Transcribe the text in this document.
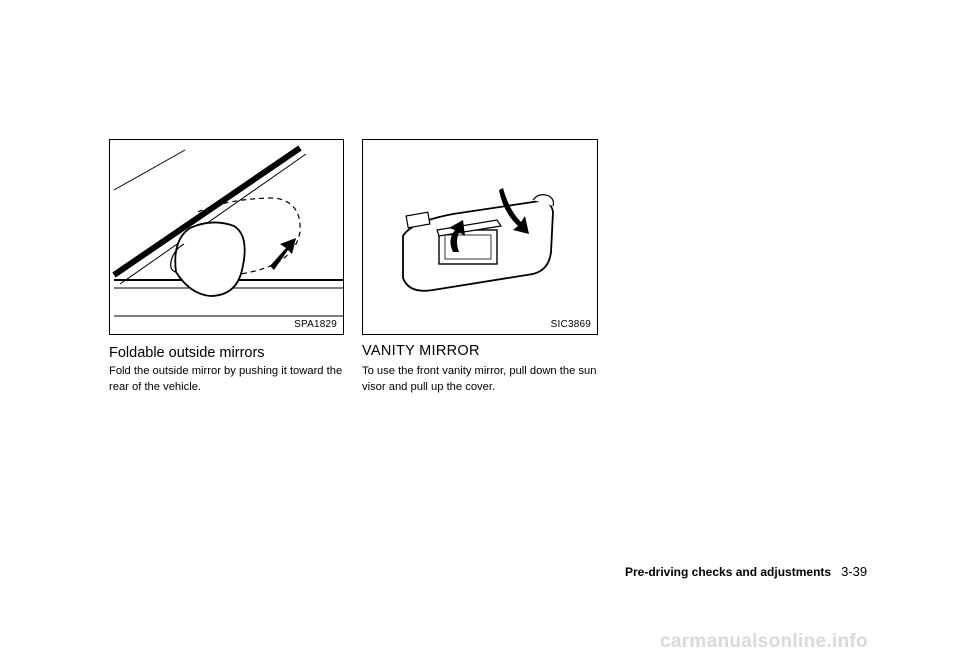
SPA1829	SIC3869
Foldable outside mirrors
Fold the outside mirror by pushing it toward the rear of the vehicle.
VANITY MIRROR
To use the front vanity mirror, pull down the sun visor and pull up the cover.
Pre-driving checks and adjustments 3-39
carmanualsonline.info
